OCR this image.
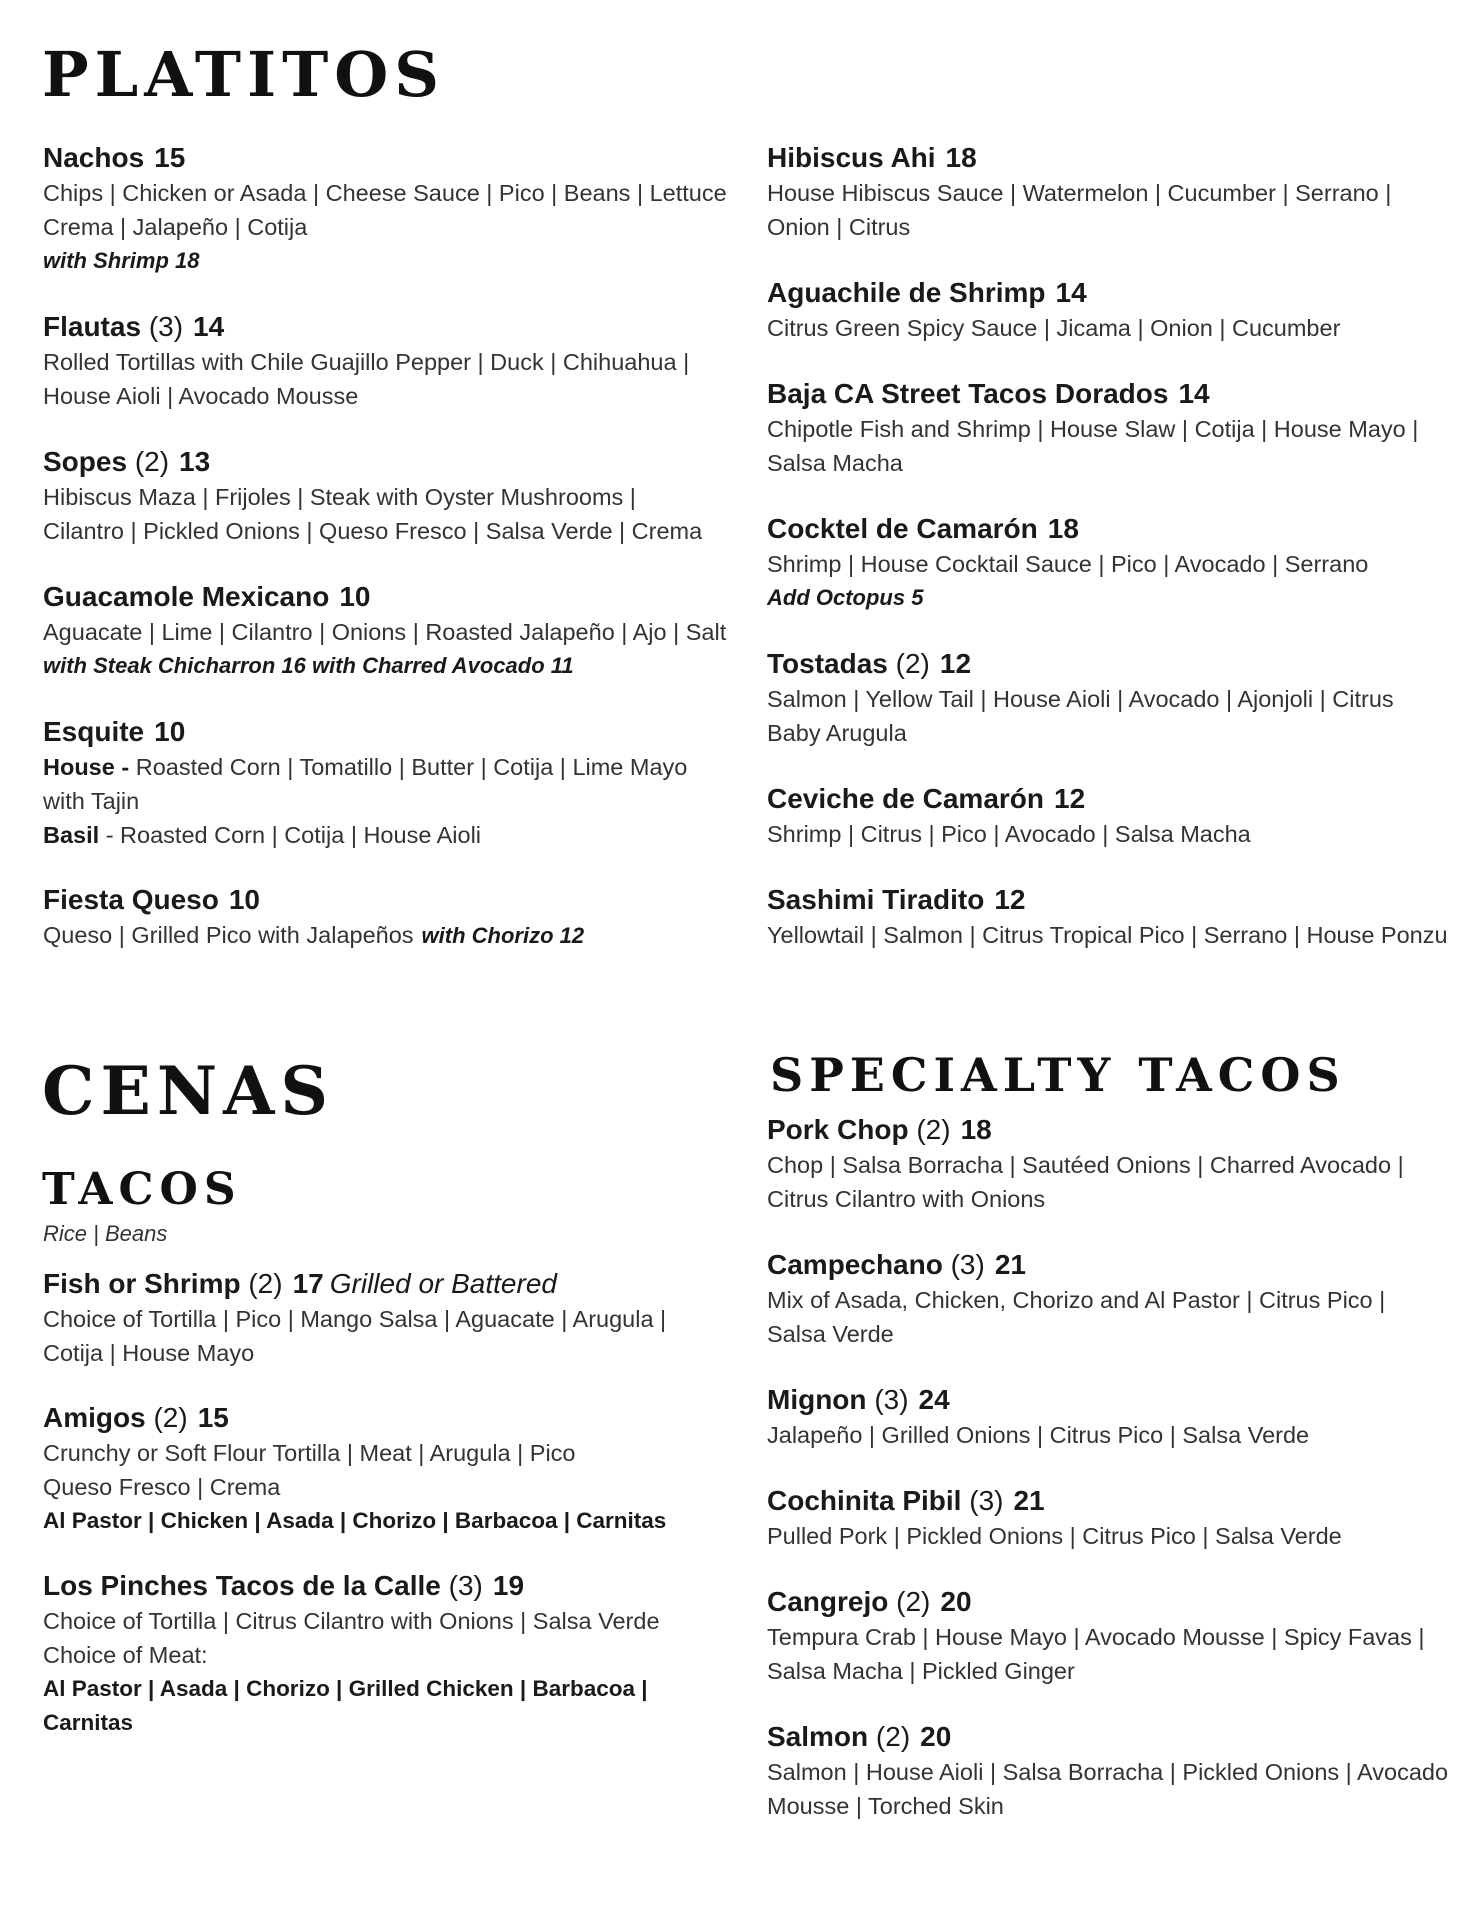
PLATITOS
CENAS
TACOS
Rice | Beans
SPECIALTY TACOS
Nachos 15
Chips | Chicken or Asada | Cheese Sauce | Pico | Beans | Lettuce
Crema | Jalapeño | Cotija
with Shrimp 18
Flautas (3) 14
Rolled Tortillas with Chile Guajillo Pepper | Duck | Chihuahua |
House Aioli | Avocado Mousse
Sopes (2) 13
Hibiscus Maza | Frijoles | Steak with Oyster Mushrooms |
Cilantro | Pickled Onions | Queso Fresco | Salsa Verde | Crema
Guacamole Mexicano 10
Aguacate | Lime | Cilantro | Onions | Roasted Jalapeño | Ajo | Salt
with Steak Chicharron 16 with Charred Avocado 11
Esquite 10
House - Roasted Corn | Tomatillo | Butter | Cotija | Lime Mayo
with Tajin
Basil - Roasted Corn | Cotija | House Aioli
Fiesta Queso 10
Queso | Grilled Pico with Jalapeños with Chorizo 12
Hibiscus Ahi 18
House Hibiscus Sauce | Watermelon | Cucumber | Serrano |
Onion | Citrus
Aguachile de Shrimp 14
Citrus Green Spicy Sauce | Jicama | Onion | Cucumber
Baja CA Street Tacos Dorados 14
Chipotle Fish and Shrimp | House Slaw | Cotija | House Mayo |
Salsa Macha
Cocktel de Camarón 18
Shrimp | House Cocktail Sauce | Pico | Avocado | Serrano
Add Octopus 5
Tostadas (2) 12
Salmon | Yellow Tail | House Aioli | Avocado | Ajonjoli | Citrus
Baby Arugula
Ceviche de Camarón 12
Shrimp | Citrus | Pico | Avocado | Salsa Macha
Sashimi Tiradito 12
Yellowtail | Salmon | Citrus Tropical Pico | Serrano | House Ponzu
Fish or Shrimp (2) 17 Grilled or Battered
Choice of Tortilla | Pico | Mango Salsa | Aguacate | Arugula |
Cotija | House Mayo
Amigos (2) 15
Crunchy or Soft Flour Tortilla | Meat | Arugula | Pico
Queso Fresco | Crema
Al Pastor | Chicken | Asada | Chorizo | Barbacoa | Carnitas
Los Pinches Tacos de la Calle (3) 19
Choice of Tortilla | Citrus Cilantro with Onions | Salsa Verde
Choice of Meat:
Al Pastor | Asada | Chorizo | Grilled Chicken | Barbacoa |
Carnitas
Pork Chop (2) 18
Chop | Salsa Borracha | Sautéed Onions | Charred Avocado |
Citrus Cilantro with Onions
Campechano (3) 21
Mix of Asada, Chicken, Chorizo and Al Pastor | Citrus Pico |
Salsa Verde
Mignon (3) 24
Jalapeño | Grilled Onions | Citrus Pico | Salsa Verde
Cochinita Pibil (3) 21
Pulled Pork | Pickled Onions | Citrus Pico | Salsa Verde
Cangrejo (2) 20
Tempura Crab | House Mayo | Avocado Mousse | Spicy Favas |
Salsa Macha | Pickled Ginger
Salmon (2) 20
Salmon | House Aioli | Salsa Borracha | Pickled Onions | Avocado
Mousse | Torched Skin
